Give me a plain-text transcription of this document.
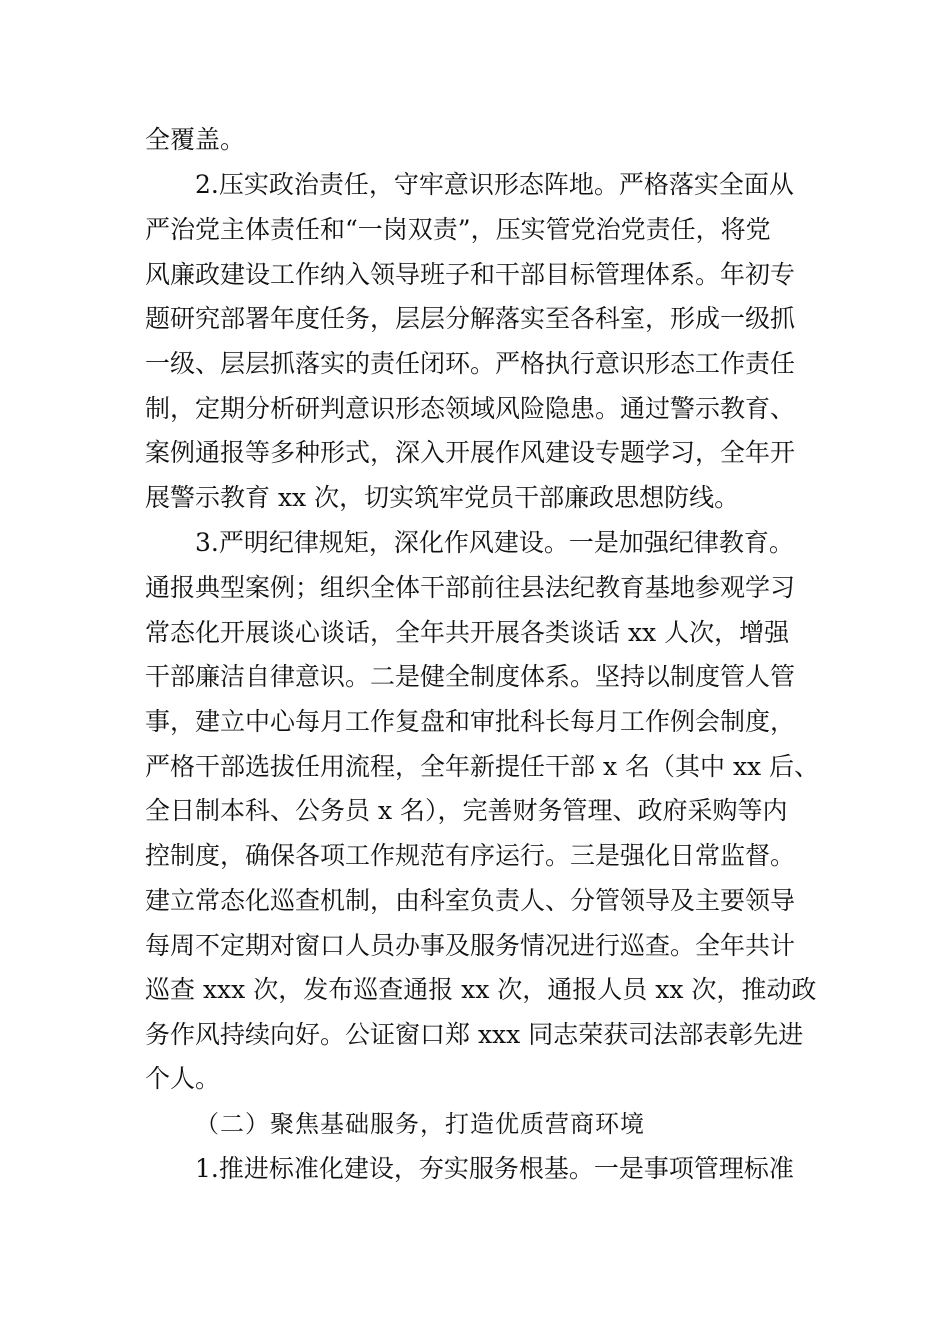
全覆盖。
2.压实政治责任，守牢意识形态阵地。严格落实全面从
严治党主体责任和“一岗双责”，压实管党治党责任，将党
风廉政建设工作纳入领导班子和干部目标管理体系。年初专
题研究部署年度任务，层层分解落实至各科室，形成一级抓
一级、层层抓落实的责任闭环。严格执行意识形态工作责任
制，定期分析研判意识形态领域风险隐患。通过警示教育、
案例通报等多种形式，深入开展作风建设专题学习，全年开
展警示教育 xx 次，切实筑牢党员干部廉政思想防线。
3.严明纪律规矩，深化作风建设。一是加强纪律教育。
通报典型案例；组织全体干部前往县法纪教育基地参观学习
常态化开展谈心谈话，全年共开展各类谈话 xx 人次，增强
干部廉洁自律意识。二是健全制度体系。坚持以制度管人管
事，建立中心每月工作复盘和审批科长每月工作例会制度，
严格干部选拔任用流程，全年新提任干部 x 名（其中 xx 后、
全日制本科、公务员 x 名），完善财务管理、政府采购等内
控制度，确保各项工作规范有序运行。三是强化日常监督。
建立常态化巡查机制，由科室负责人、分管领导及主要领导
每周不定期对窗口人员办事及服务情况进行巡查。全年共计
巡查 xxx 次，发布巡查通报 xx 次，通报人员 xx 次，推动政
务作风持续向好。公证窗口郑 xxx 同志荣获司法部表彰先进
个人。
（二）聚焦基础服务，打造优质营商环境
1.推进标准化建设，夯实服务根基。一是事项管理标准
